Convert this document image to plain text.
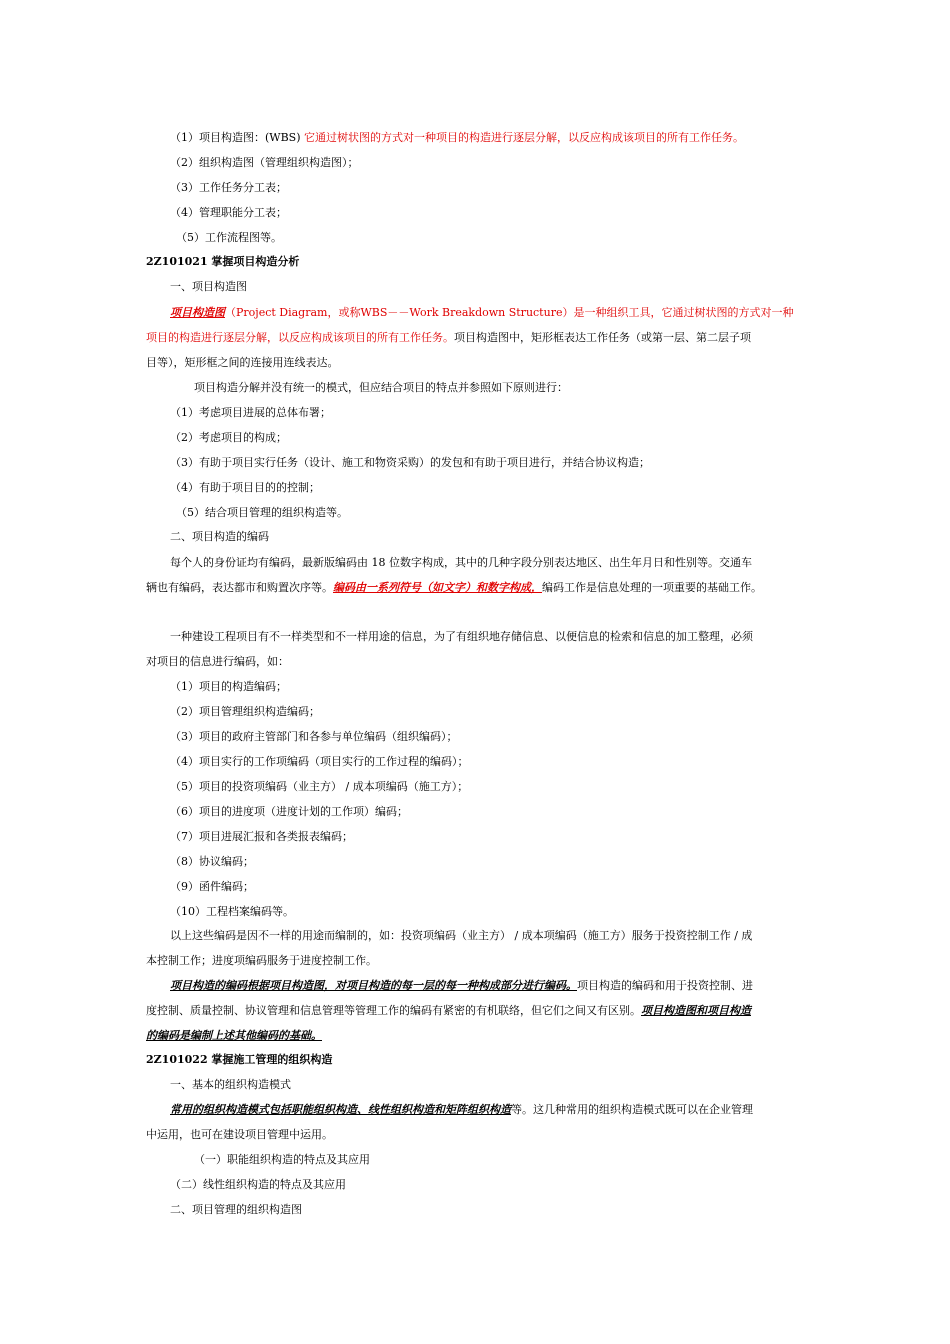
（1）项目构造图：(WBS) 它通过树状图的方式对一种项目的构造进行逐层分解，以反应构成该项目的所有工作任务。
（2）组织构造图（管理组织构造图）；
（3）工作任务分工表；
（4）管理职能分工表；
（5）工作流程图等。
2Z101021 掌握项目构造分析
一、项目构造图
项目构造图（Project Diagram，或称WBS－－Work Breakdown Structure）是一种组织工具，它通过树状图的方式对一种
项目的构造进行逐层分解，以反应构成该项目的所有工作任务。项目构造图中，矩形框表达工作任务（或第一层、第二层子项
目等），矩形框之间的连接用连线表达。
项目构造分解并没有统一的模式，但应结合项目的特点并参照如下原则进行：
（1）考虑项目进展的总体布署；
（2）考虑项目的构成；
（3）有助于项目实行任务（设计、施工和物资采购）的发包和有助于项目进行，并结合协议构造；
（4）有助于项目目的的控制；
（5）结合项目管理的组织构造等。
二、项目构造的编码
每个人的身份证均有编码，最新版编码由 18 位数字构成，其中的几种字段分别表达地区、出生年月日和性别等。交通车
辆也有编码，表达都市和购置次序等。编码由一系列符号（如文字）和数字构成，编码工作是信息处理的一项重要的基础工作。
一种建设工程项目有不一样类型和不一样用途的信息，为了有组织地存储信息、以便信息的检索和信息的加工整理，必须
对项目的信息进行编码，如：
（1）项目的构造编码；
（2）项目管理组织构造编码；
（3）项目的政府主管部门和各参与单位编码（组织编码）；
（4）项目实行的工作项编码（项目实行的工作过程的编码）；
（5）项目的投资项编码（业主方） / 成本项编码（施工方）；
（6）项目的进度项（进度计划的工作项）编码；
（7）项目进展汇报和各类报表编码；
（8）协议编码；
（9）函件编码；
（10）工程档案编码等。
以上这些编码是因不一样的用途而编制的，如：投资项编码（业主方） / 成本项编码（施工方）服务于投资控制工作 / 成
本控制工作；进度项编码服务于进度控制工作。
项目构造的编码根据项目构造图，对项目构造的每一层的每一种构成部分进行编码。项目构造的编码和用于投资控制、进
度控制、质量控制、协议管理和信息管理等管理工作的编码有紧密的有机联络，但它们之间又有区别。项目构造图和项目构造
的编码是编制上述其他编码的基础。
2Z101022 掌握施工管理的组织构造
一、基本的组织构造模式
常用的组织构造模式包括职能组织构造、线性组织构造和矩阵组织构造等。这几种常用的组织构造模式既可以在企业管理
中运用，也可在建设项目管理中运用。
（一）职能组织构造的特点及其应用
（二）线性组织构造的特点及其应用
二、项目管理的组织构造图
